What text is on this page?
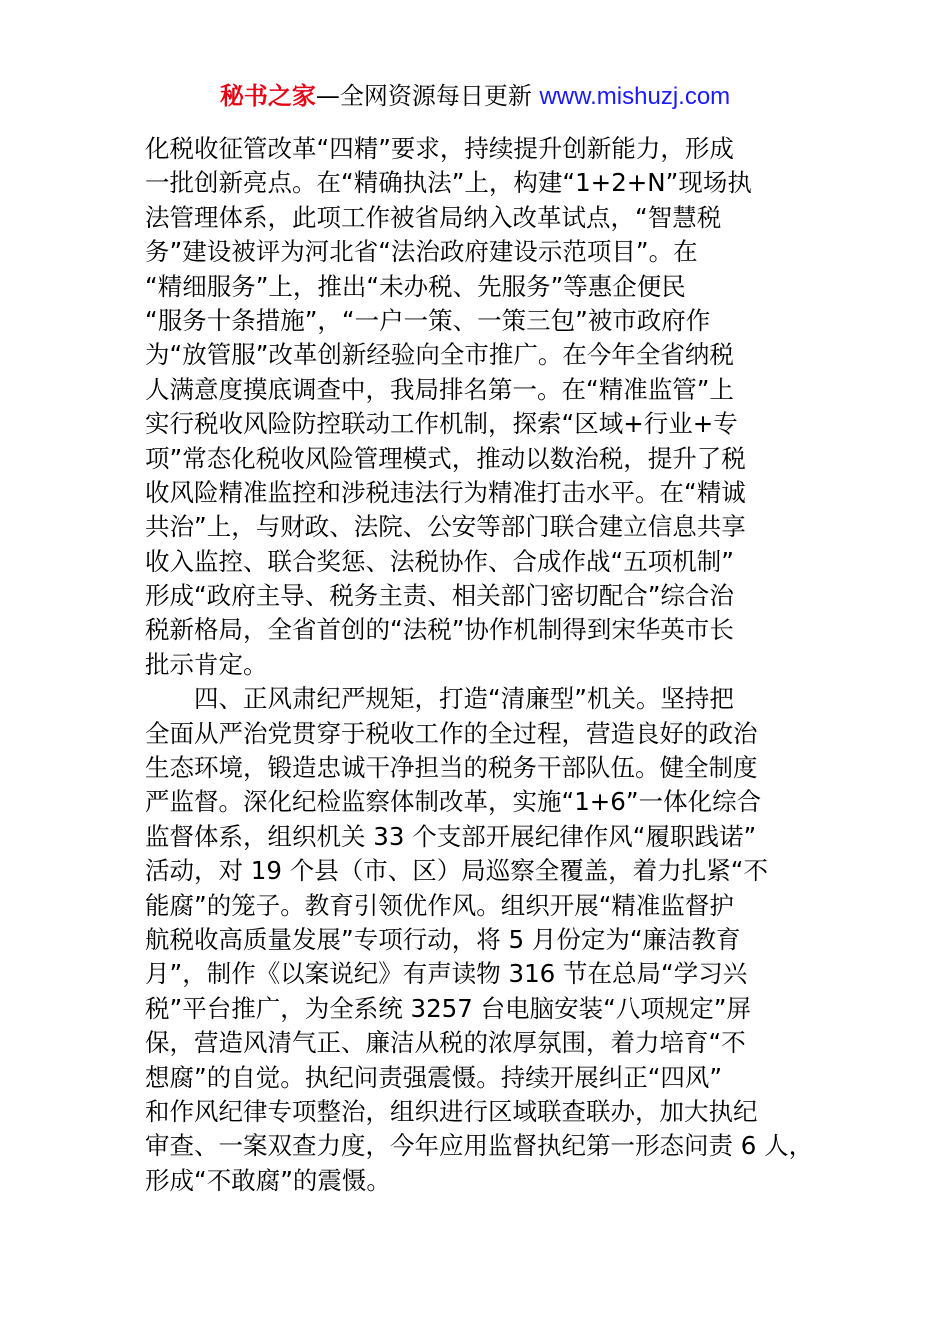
秘书之家—全网资源每日更新 www.mishuzj.com
化税收征管改革“四精”要求，持续提升创新能力，形成
一批创新亮点。在“精确执法”上，构建“1+2+N”现场执
法管理体系，此项工作被省局纳入改革试点，“智慧税
务”建设被评为河北省“法治政府建设示范项目”。在
“精细服务”上，推出“未办税、先服务”等惠企便民
“服务十条措施”，“一户一策、一策三包”被市政府作
为“放管服”改革创新经验向全市推广。在今年全省纳税
人满意度摸底调查中，我局排名第一。在“精准监管”上
实行税收风险防控联动工作机制，探索“区域+行业+专
项”常态化税收风险管理模式，推动以数治税，提升了税
收风险精准监控和涉税违法行为精准打击水平。在“精诚
共治”上，与财政、法院、公安等部门联合建立信息共享
收入监控、联合奖惩、法税协作、合成作战“五项机制”
形成“政府主导、税务主责、相关部门密切配合”综合治
税新格局，全省首创的“法税”协作机制得到宋华英市长
批示肯定。
　　四、正风肃纪严规矩，打造“清廉型”机关。坚持把
全面从严治党贯穿于税收工作的全过程，营造良好的政治
生态环境，锻造忠诚干净担当的税务干部队伍。健全制度
严监督。深化纪检监察体制改革，实施“1+6”一体化综合
监督体系，组织机关 33 个支部开展纪律作风“履职践诺”
活动，对 19 个县（市、区）局巡察全覆盖，着力扎紧“不
能腐”的笼子。教育引领优作风。组织开展“精准监督护
航税收高质量发展”专项行动，将 5 月份定为“廉洁教育
月”，制作《以案说纪》有声读物 316 节在总局“学习兴
税”平台推广，为全系统 3257 台电脑安装“八项规定”屏
保，营造风清气正、廉洁从税的浓厚氛围，着力培育“不
想腐”的自觉。执纪问责强震慑。持续开展纠正“四风”
和作风纪律专项整治，组织进行区域联查联办，加大执纪
审查、一案双查力度，今年应用监督执纪第一形态问责 6 人，
形成“不敢腐”的震慑。
